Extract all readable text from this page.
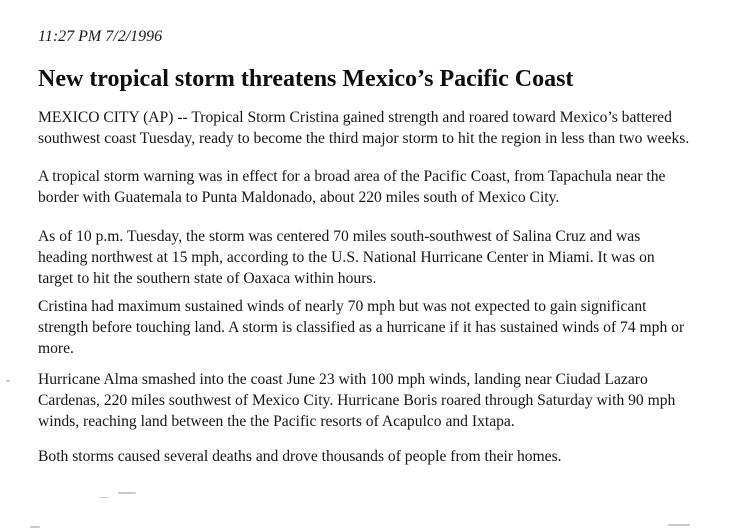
11:27 PM 7/2/1996
New tropical storm threatens Mexico’s Pacific Coast

MEXICO CITY (AP) -- Tropical Storm Cristina gained strength and roared toward Mexico’s battered
southwest coast Tuesday, ready to become the third major storm to hit the region in less than two weeks.

A tropical storm warning was in effect for a broad area of the Pacific Coast, from Tapachula near the
border with Guatemala to Punta Maldonado, about 220 miles south of Mexico City.

As of 10 p.m. Tuesday, the storm was centered 70 miles south-southwest of Salina Cruz and was
heading northwest at 15 mph, according to the U.S. National Hurricane Center in Miami. It was on
target to hit the southern state of Oaxaca within hours.

Cristina had maximum sustained winds of nearly 70 mph but was not expected to gain significant
strength before touching land. A storm is classified as a hurricane if it has sustained winds of 74 mph or
more.

Hurricane Alma smashed into the coast June 23 with 100 mph winds, landing near Ciudad Lazaro
Cardenas, 220 miles southwest of Mexico City. Hurricane Boris roared through Saturday with 90 mph
winds, reaching land between the the Pacific resorts of Acapulco and Ixtapa.

Both storms caused several deaths and drove thousands of people from their homes.
